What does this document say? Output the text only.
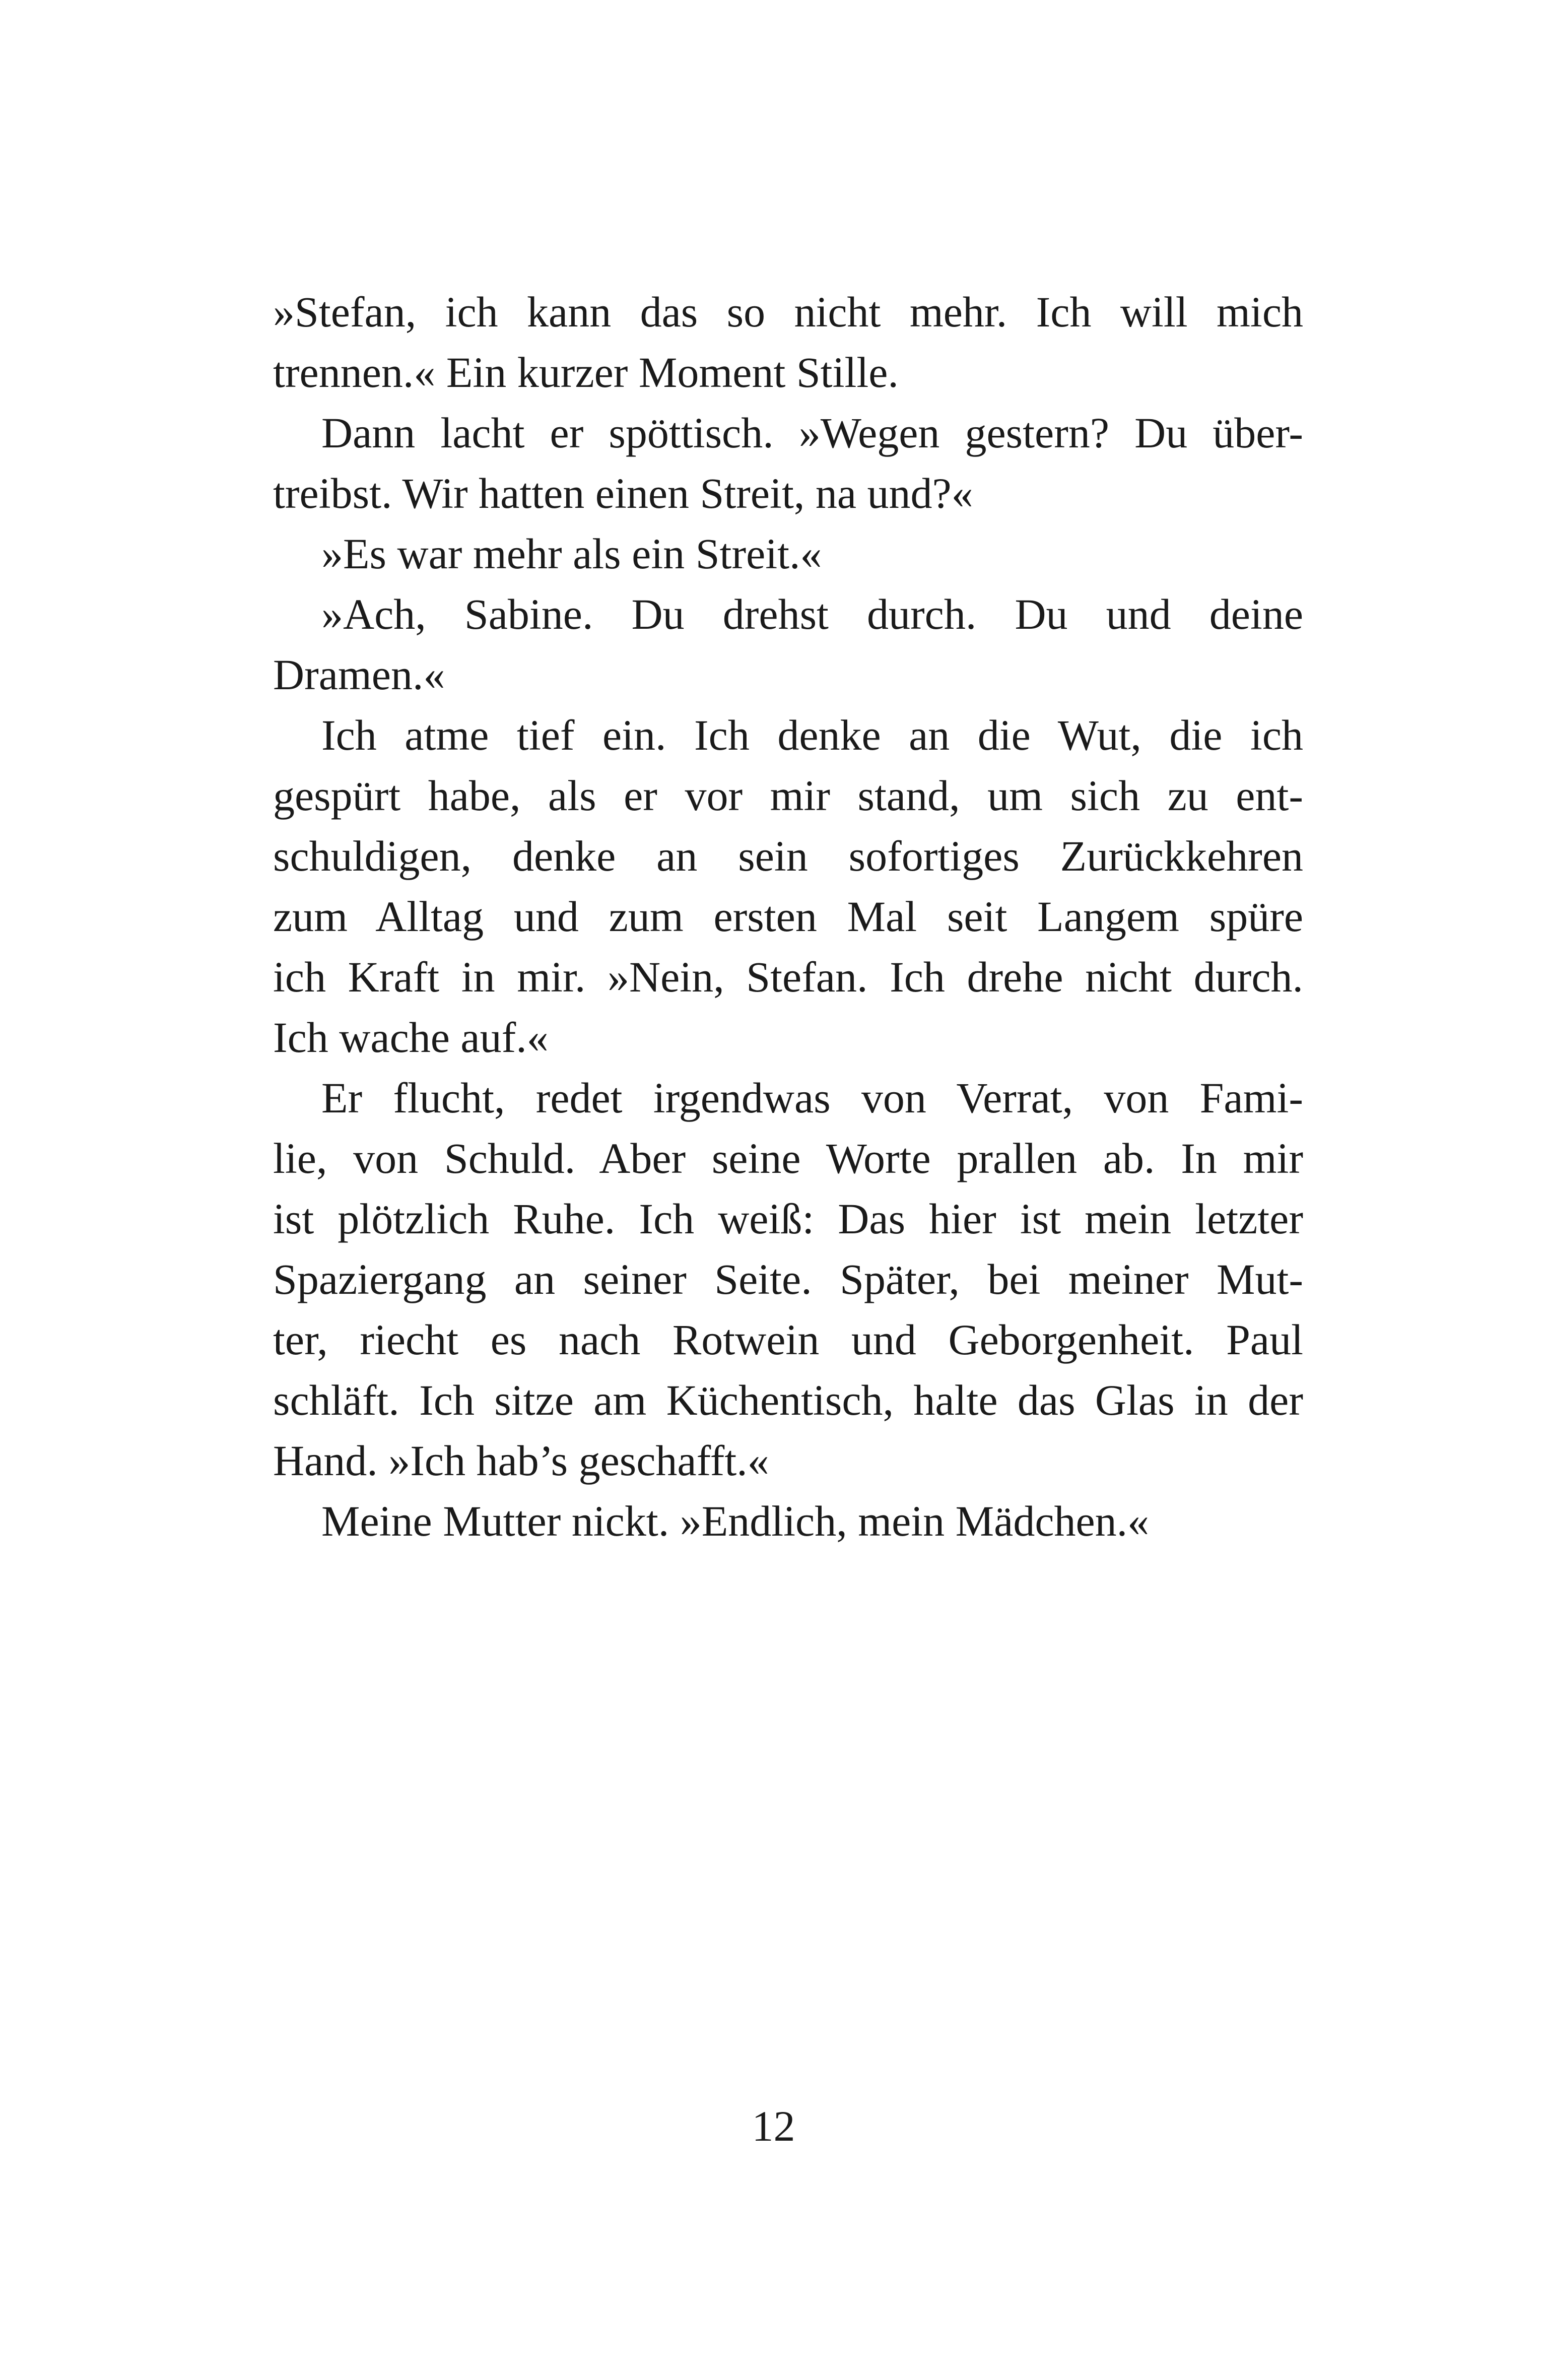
»Stefan, ich kann das so nicht mehr. Ich will mich
trennen.« Ein kurzer Moment Stille.
Dann lacht er spöttisch. »Wegen gestern? Du über-
treibst. Wir hatten einen Streit, na und?«
»Es war mehr als ein Streit.«
»Ach, Sabine. Du drehst durch. Du und deine
Dramen.«
Ich atme tief ein. Ich denke an die Wut, die ich
gespürt habe, als er vor mir stand, um sich zu ent-
schuldigen, denke an sein sofortiges Zurückkehren
zum Alltag und zum ersten Mal seit Langem spüre
ich Kraft in mir. »Nein, Stefan. Ich drehe nicht durch.
Ich wache auf.«
Er flucht, redet irgendwas von Verrat, von Fami-
lie, von Schuld. Aber seine Worte prallen ab. In mir
ist plötzlich Ruhe. Ich weiß: Das hier ist mein letzter
Spaziergang an seiner Seite. Später, bei meiner Mut-
ter, riecht es nach Rotwein und Geborgenheit. Paul
schläft. Ich sitze am Küchentisch, halte das Glas in der
Hand. »Ich hab’s geschafft.«
Meine Mutter nickt. »Endlich, mein Mädchen.«
12
